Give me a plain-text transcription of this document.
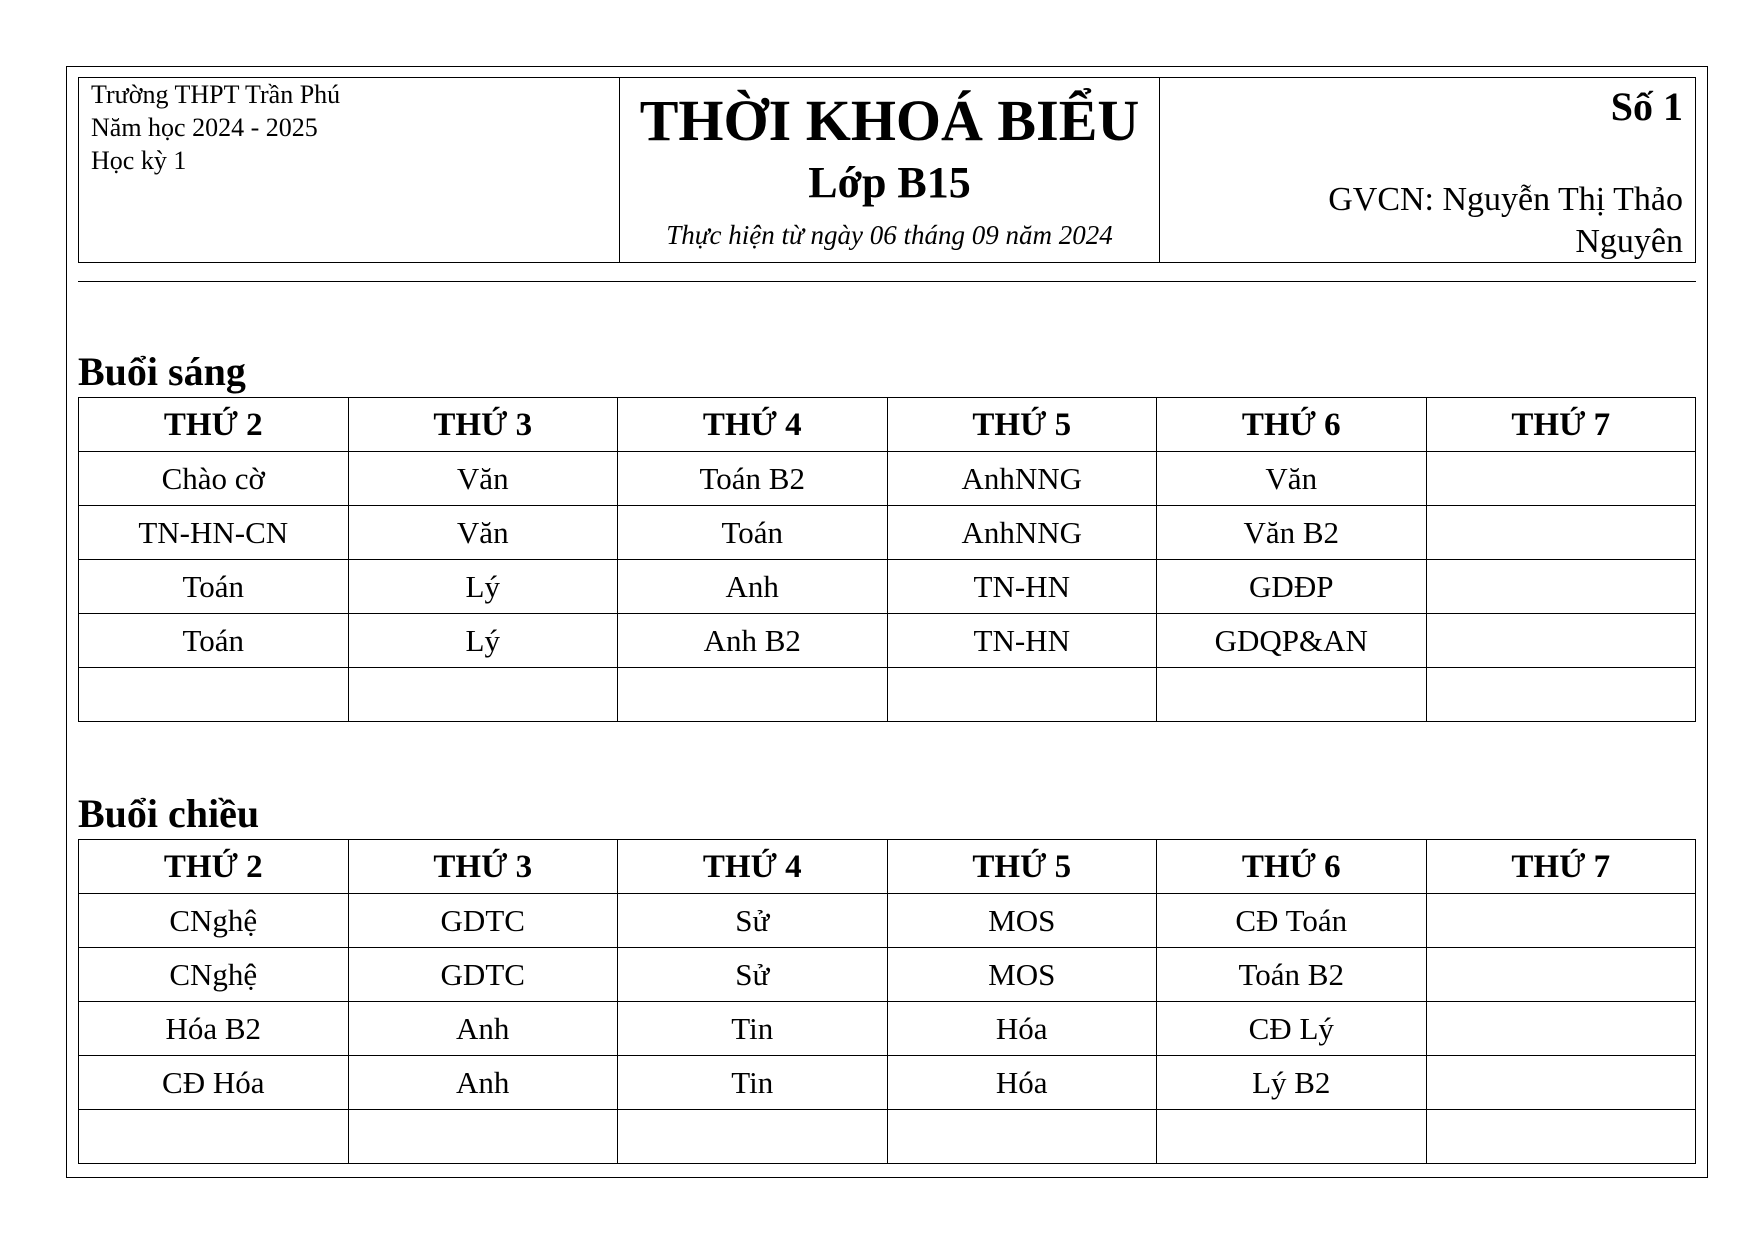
Trường THPT Trần Phú
Năm học 2024 - 2025
Học kỳ 1
THỜI KHOÁ BIỂU
Lớp B15
Thực hiện từ ngày 06 tháng 09 năm 2024
Số 1
GVCN: Nguyễn Thị Thảo Nguyên
Buổi sáng
THỨ 2	THỨ 3	THỨ 4	THỨ 5	THỨ 6	THỨ 7
Chào cờ	Văn	Toán B2	AnhNNG	Văn	
TN-HN-CN	Văn	Toán	AnhNNG	Văn B2	
Toán	Lý	Anh	TN-HN	GDĐP	
Toán	Lý	Anh B2	TN-HN	GDQP&AN	

Buổi chiều
THỨ 2	THỨ 3	THỨ 4	THỨ 5	THỨ 6	THỨ 7
CNghệ	GDTC	Sử	MOS	CĐ Toán	
CNghệ	GDTC	Sử	MOS	Toán B2	
Hóa B2	Anh	Tin	Hóa	CĐ Lý	
CĐ Hóa	Anh	Tin	Hóa	Lý B2	
